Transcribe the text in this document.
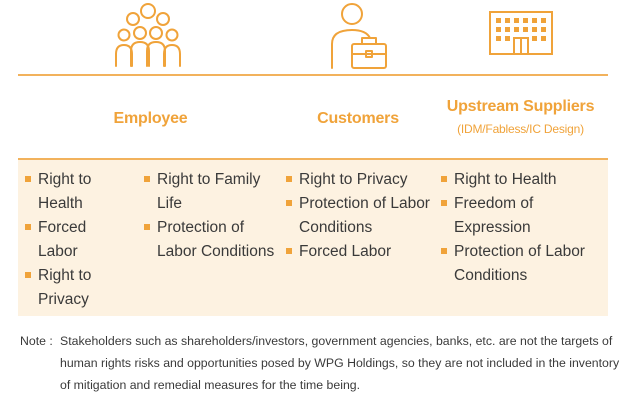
Employee	Customers
Upstream Suppliers
(IDM/Fabless/IC Design)
Right to Health
Forced Labor
Right to Privacy
Right to Family Life
Protection of Labor Conditions
Right to Privacy
Protection of Labor Conditions
Forced Labor
Right to Health
Freedom of Expression
Protection of Labor Conditions
Note : Stakeholders such as shareholders/investors, government agencies, banks, etc. are not the targets of human rights risks and opportunities posed by WPG Holdings, so they are not included in the inventory of mitigation and remedial measures for the time being.
